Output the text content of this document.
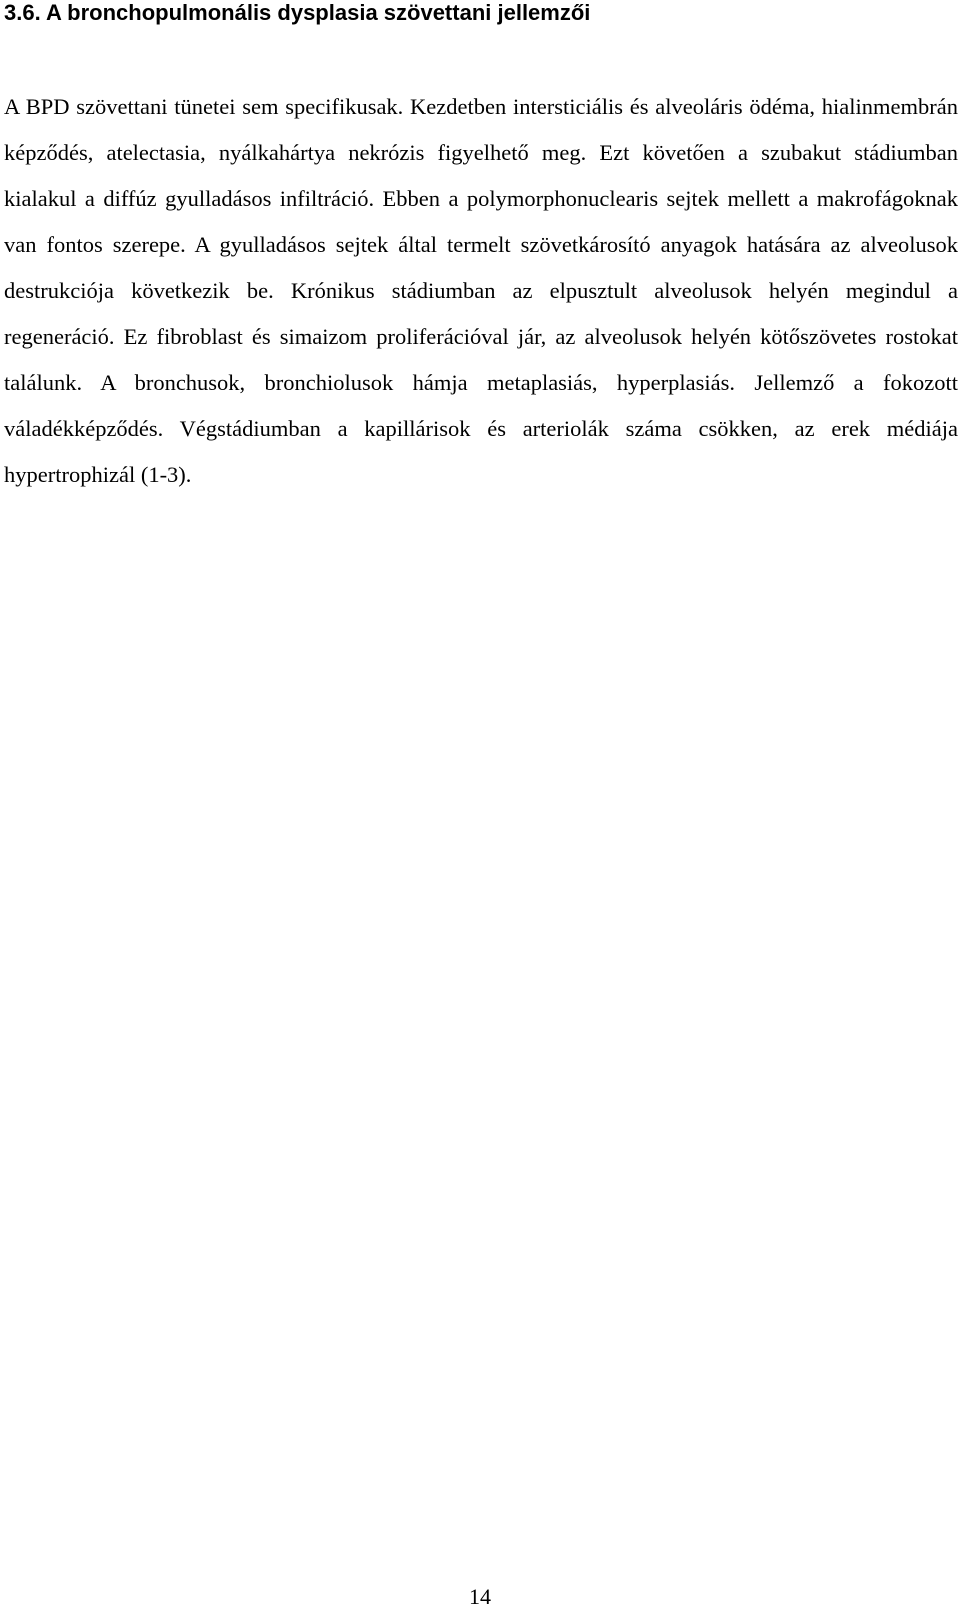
3.6. A bronchopulmonális dysplasia szövettani jellemzői

A BPD szövettani tünetei sem specifikusak. Kezdetben intersticiális és alveoláris ödéma, hialinmembrán képződés, atelectasia, nyálkahártya nekrózis figyelhető meg. Ezt követően a szubakut stádiumban kialakul a diffúz gyulladásos infiltráció. Ebben a polymorphonuclearis sejtek mellett a makrofágoknak van fontos szerepe. A gyulladásos sejtek által termelt szövetkárosító anyagok hatására az alveolusok destrukciója következik be. Krónikus stádiumban az elpusztult alveolusok helyén megindul a regeneráció. Ez fibroblast és simaizom proliferációval jár, az alveolusok helyén kötőszövetes rostokat találunk. A bronchusok, bronchiolusok hámja metaplasiás, hyperplasiás. Jellemző a fokozott váladékképződés. Végstádiumban a kapillárisok és arteriolák száma csökken, az erek médiája hypertrophizál (1-3).

14
